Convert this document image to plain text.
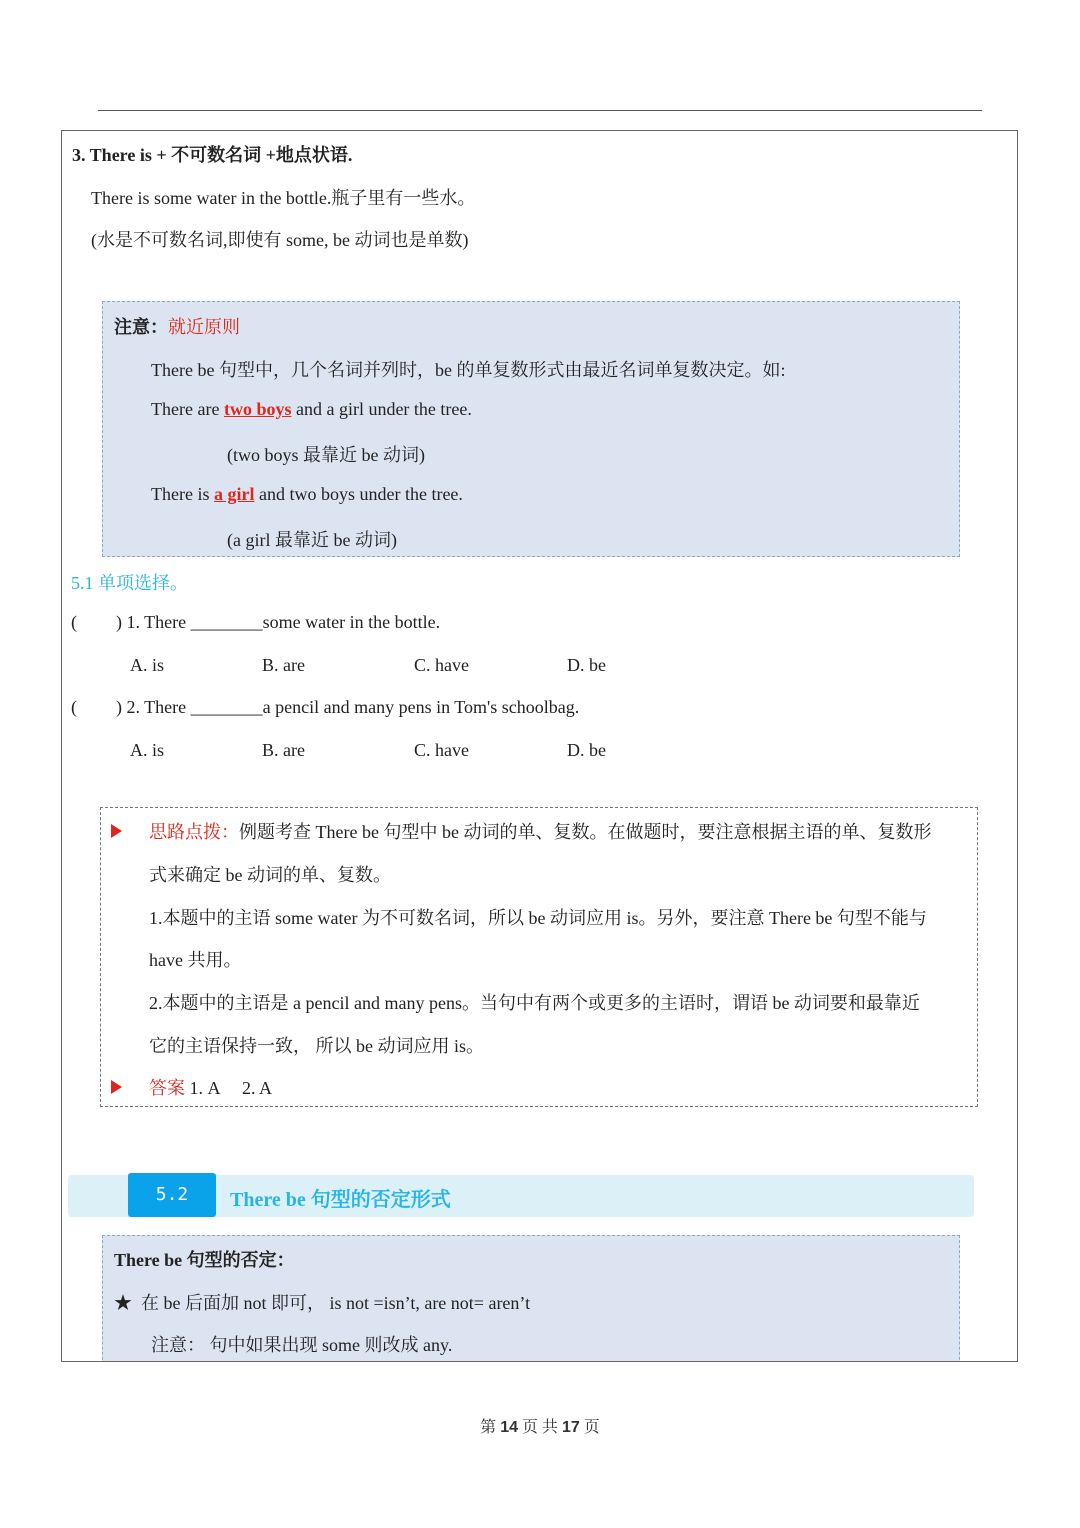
3. There is + 不可数名词 +地点状语.
There is some water in the bottle.瓶子里有一些水。
(水是不可数名词,即使有 some, be 动词也是单数)
注意：就近原则
There be 句型中，几个名词并列时，be 的单复数形式由最近名词单复数决定。如:
There are two boys and a girl under the tree.
(two boys 最靠近 be 动词)
There is a girl and two boys under the tree.
(a girl 最靠近 be 动词)
5.1 单项选择。
( ) 1. There ________some water in the bottle.
A. is	B. are	C. have	D. be
( ) 2. There ________a pencil and many pens in Tom's schoolbag.
A. is	B. are	C. have	D. be
思路点拨：例题考查 There be 句型中 be 动词的单、复数。在做题时，要注意根据主语的单、复数形
式来确定 be 动词的单、复数。
1.本题中的主语 some water 为不可数名词，所以 be 动词应用 is。另外，要注意 There be 句型不能与
have 共用。
2.本题中的主语是 a pencil and many pens。当句中有两个或更多的主语时，谓语 be 动词要和最靠近
它的主语保持一致， 所以 be 动词应用 is。
答案 1. A     2. A
5.2	There be 句型的否定形式
There be 句型的否定：
★ 在 be 后面加 not 即可， is not =isn’t, are not= aren’t
注意： 句中如果出现 some 则改成 any.
第 14 页 共 17 页
